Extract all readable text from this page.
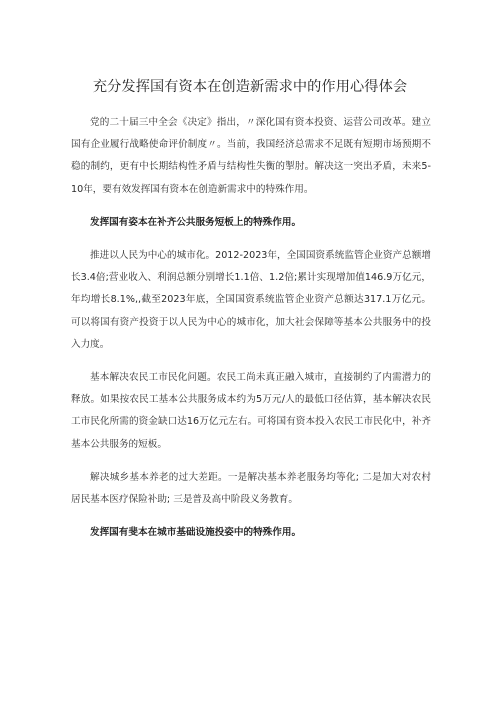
充分发挥国有资本在创造新需求中的作用心得体会

党的二十届三中全会《决定》指出，〃深化国有资本投资、运营公司改革。建立国有企业履行战略使命评价制度〃。当前，我国经济总需求不足既有短期市场预期不稳的制约，更有中长期结构性矛盾与结构性失衡的掣肘。解决这一突出矛盾，未来5-10年，要有效发挥国有资本在创造新需求中的特殊作用。

发挥国有姿本在补齐公共服务短板上的特殊作用。

推进以人民为中心的城市化。2012-2023年，全国国资系统监管企业资产总额增长3.4倍;营业收入、利润总额分别增长1.1倍、1.2倍;累计实现增加值146.9万亿元，年均增长8.1%,,截至2023年底，全国国资系统监管企业资产总额达317.1万亿元。可以将国有资产投资于以人民为中心的城市化，加大社会保障等基本公共服务中的投入力度。

基本解决农民工市民化问题。农民工尚未真正融入城市，直接制约了内需潜力的释放。如果按农民工基本公共服务成本约为5万元/人的最低口径估算，基本解决农民工市民化所需的资金缺口达16万亿元左右。可将国有资本投入农民工市民化中，补齐基本公共服务的短板。

解决城乡基本养老的过大差距。一是解决基本养老服务均等化; 二是加大对农村居民基本医疗保险补助; 三是普及高中阶段义务教育。

发挥国有斐本在城市基础设施投姿中的特殊作用。
